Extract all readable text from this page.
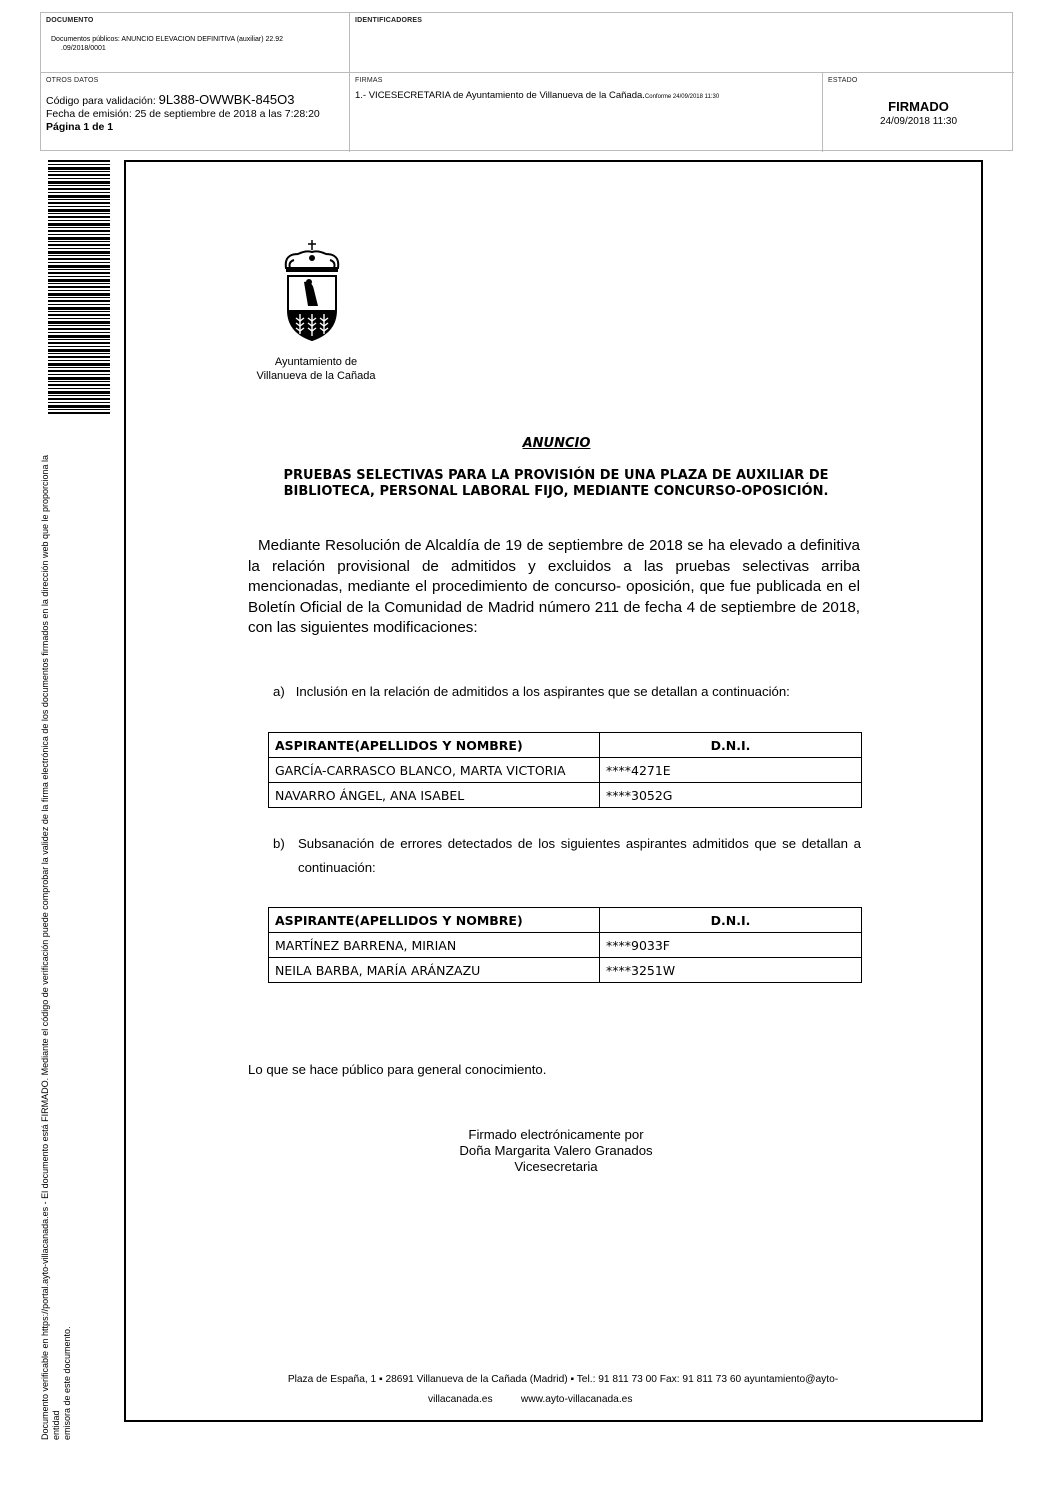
DOCUMENTO
Documentos públicos: ANUNCIO ELEVACION DEFINITIVA (auxiliar) 22.92
.09/2018/0001
IDENTIFICADORES
OTROS DATOS
Código para validación: 9L388-OWWBK-845O3
Fecha de emisión: 25 de septiembre de 2018 a las 7:28:20
Página 1 de 1
FIRMAS
1.- VICESECRETARIA de Ayuntamiento de Villanueva de la Cañada.Conforme 24/09/2018 11:30
ESTADO
FIRMADO
24/09/2018 11:30
Documento verificable en https://portal.ayto-villacanada.es - El documento está FIRMADO. Mediante el código de verificación puede comprobar la validez de la firma electrónica de los documentos firmados en la dirección web que le proporciona la entidad emisora de este documento.
Ayuntamiento de
Villanueva de la Cañada
ANUNCIO
PRUEBAS SELECTIVAS PARA LA PROVISIÓN DE UNA PLAZA DE AUXILIAR DE
BIBLIOTECA, PERSONAL LABORAL FIJO, MEDIANTE CONCURSO-OPOSICIÓN.
Mediante Resolución de Alcaldía de 19 de septiembre de 2018 se ha elevado a definitiva la relación provisional de admitidos y excluidos a las pruebas selectivas arriba mencionadas, mediante el procedimiento de concurso- oposición, que fue publicada en el Boletín Oficial de la Comunidad de Madrid número 211 de fecha 4 de septiembre de 2018, con las siguientes modificaciones:
a) Inclusión en la relación de admitidos a los aspirantes que se detallan a continuación:
ASPIRANTE(APELLIDOS Y NOMBRE)	D.N.I.
GARCÍA-CARRASCO BLANCO, MARTA VICTORIA	****4271E
NAVARRO ÁNGEL, ANA ISABEL	****3052G
b)	Subsanación de errores detectados de los siguientes aspirantes admitidos que se detallan a continuación:
ASPIRANTE(APELLIDOS Y NOMBRE)	D.N.I.
MARTÍNEZ BARRENA, MIRIAN	****9033F
NEILA BARBA, MARÍA ARÁNZAZU	****3251W
Lo que se hace público para general conocimiento.
Firmado electrónicamente por
Doña Margarita Valero Granados
Vicesecretaria
Plaza de España, 1 ▪ 28691 Villanueva de la Cañada (Madrid) ▪ Tel.: 91 811 73 00 Fax: 91 811 73 60 ayuntamiento@ayto-
villacanada.es          www.ayto-villacanada.es
